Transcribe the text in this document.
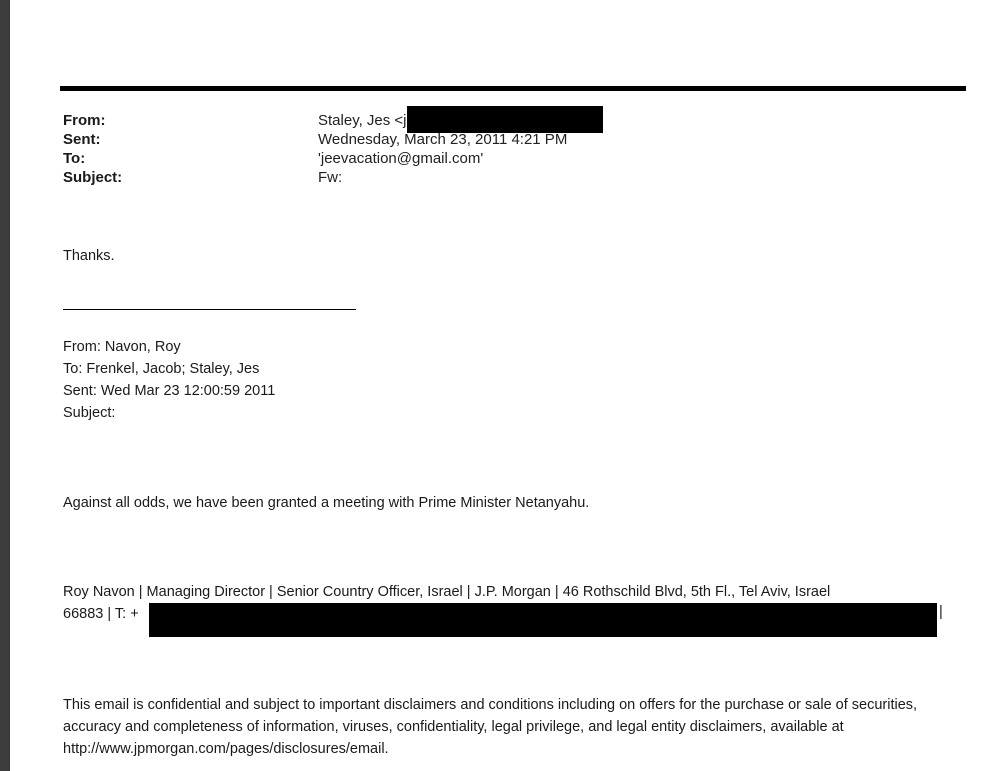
From:	Staley, Jes <j
Sent:	Wednesday, March 23, 2011 4:21 PM
To:	'jeevacation@gmail.com'
Subject:	Fw:
Thanks.
From: Navon, Roy
To: Frenkel, Jacob; Staley, Jes
Sent: Wed Mar 23 12:00:59 2011
Subject:
Against all odds, we have been granted a meeting with Prime Minister Netanyahu.
Roy Navon | Managing Director | Senior Country Officer, Israel | J.P. Morgan | 46 Rothschild Blvd, 5th Fl., Tel Aviv, Israel
66883 | T: +	|
This email is confidential and subject to important disclaimers and conditions including on offers for the purchase or sale of securities, accuracy and completeness of information, viruses, confidentiality, legal privilege, and legal entity disclaimers, available at http://www.jpmorgan.com/pages/disclosures/email.
